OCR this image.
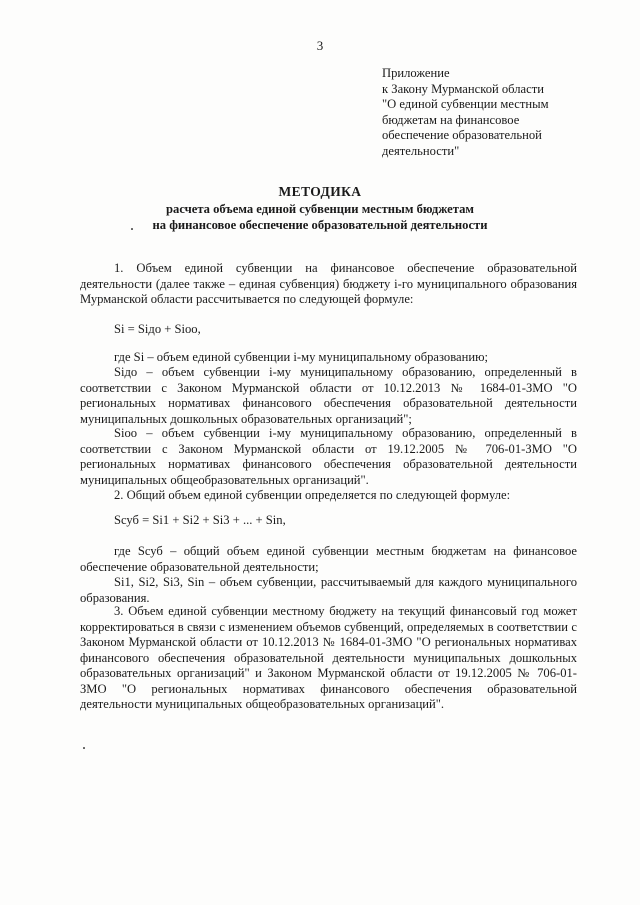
3
Приложение
к Закону Мурманской области
"О единой субвенции местным
бюджетам на финансовое
обеспечение образовательной
деятельности"
МЕТОДИКА
расчета объема единой субвенции местным бюджетам
на финансовое обеспечение образовательной деятельности
1. Объем единой субвенции на финансовое обеспечение образовательной деятельности (далее также – единая субвенция) бюджету i-го муниципального образования Мурманской области рассчитывается по следующей формуле:
Si = Siдо + Siоо,
где Si – объем единой субвенции i-му муниципальному образованию;
Siдо – объем субвенции i-му муниципальному образованию, определенный в соответствии с Законом Мурманской области от 10.12.2013 № 1684-01-ЗМО "О региональных нормативах финансового обеспечения образовательной деятельности муниципальных дошкольных образовательных организаций";
Siоо – объем субвенции i-му муниципальному образованию, определенный в соответствии с Законом Мурманской области от 19.12.2005 № 706-01-ЗМО "О региональных нормативах финансового обеспечения образовательной деятельности муниципальных общеобразовательных организаций".
2. Общий объем единой субвенции определяется по следующей формуле:
Sсуб = Si1 + Si2 + Si3 + ... + Sin,
где Sсуб – общий объем единой субвенции местным бюджетам на финансовое обеспечение образовательной деятельности;
Si1, Si2, Si3, Sin – объем субвенции, рассчитываемый для каждого муниципального образования.
3. Объем единой субвенции местному бюджету на текущий финансовый год может корректироваться в связи с изменением объемов субвенций, определяемых в соответствии с Законом Мурманской области от 10.12.2013 № 1684-01-ЗМО "О региональных нормативах финансового обеспечения образовательной деятельности муниципальных дошкольных образовательных организаций" и Законом Мурманской области от 19.12.2005 № 706-01-ЗМО "О региональных нормативах финансового обеспечения образовательной деятельности муниципальных общеобразовательных организаций".
